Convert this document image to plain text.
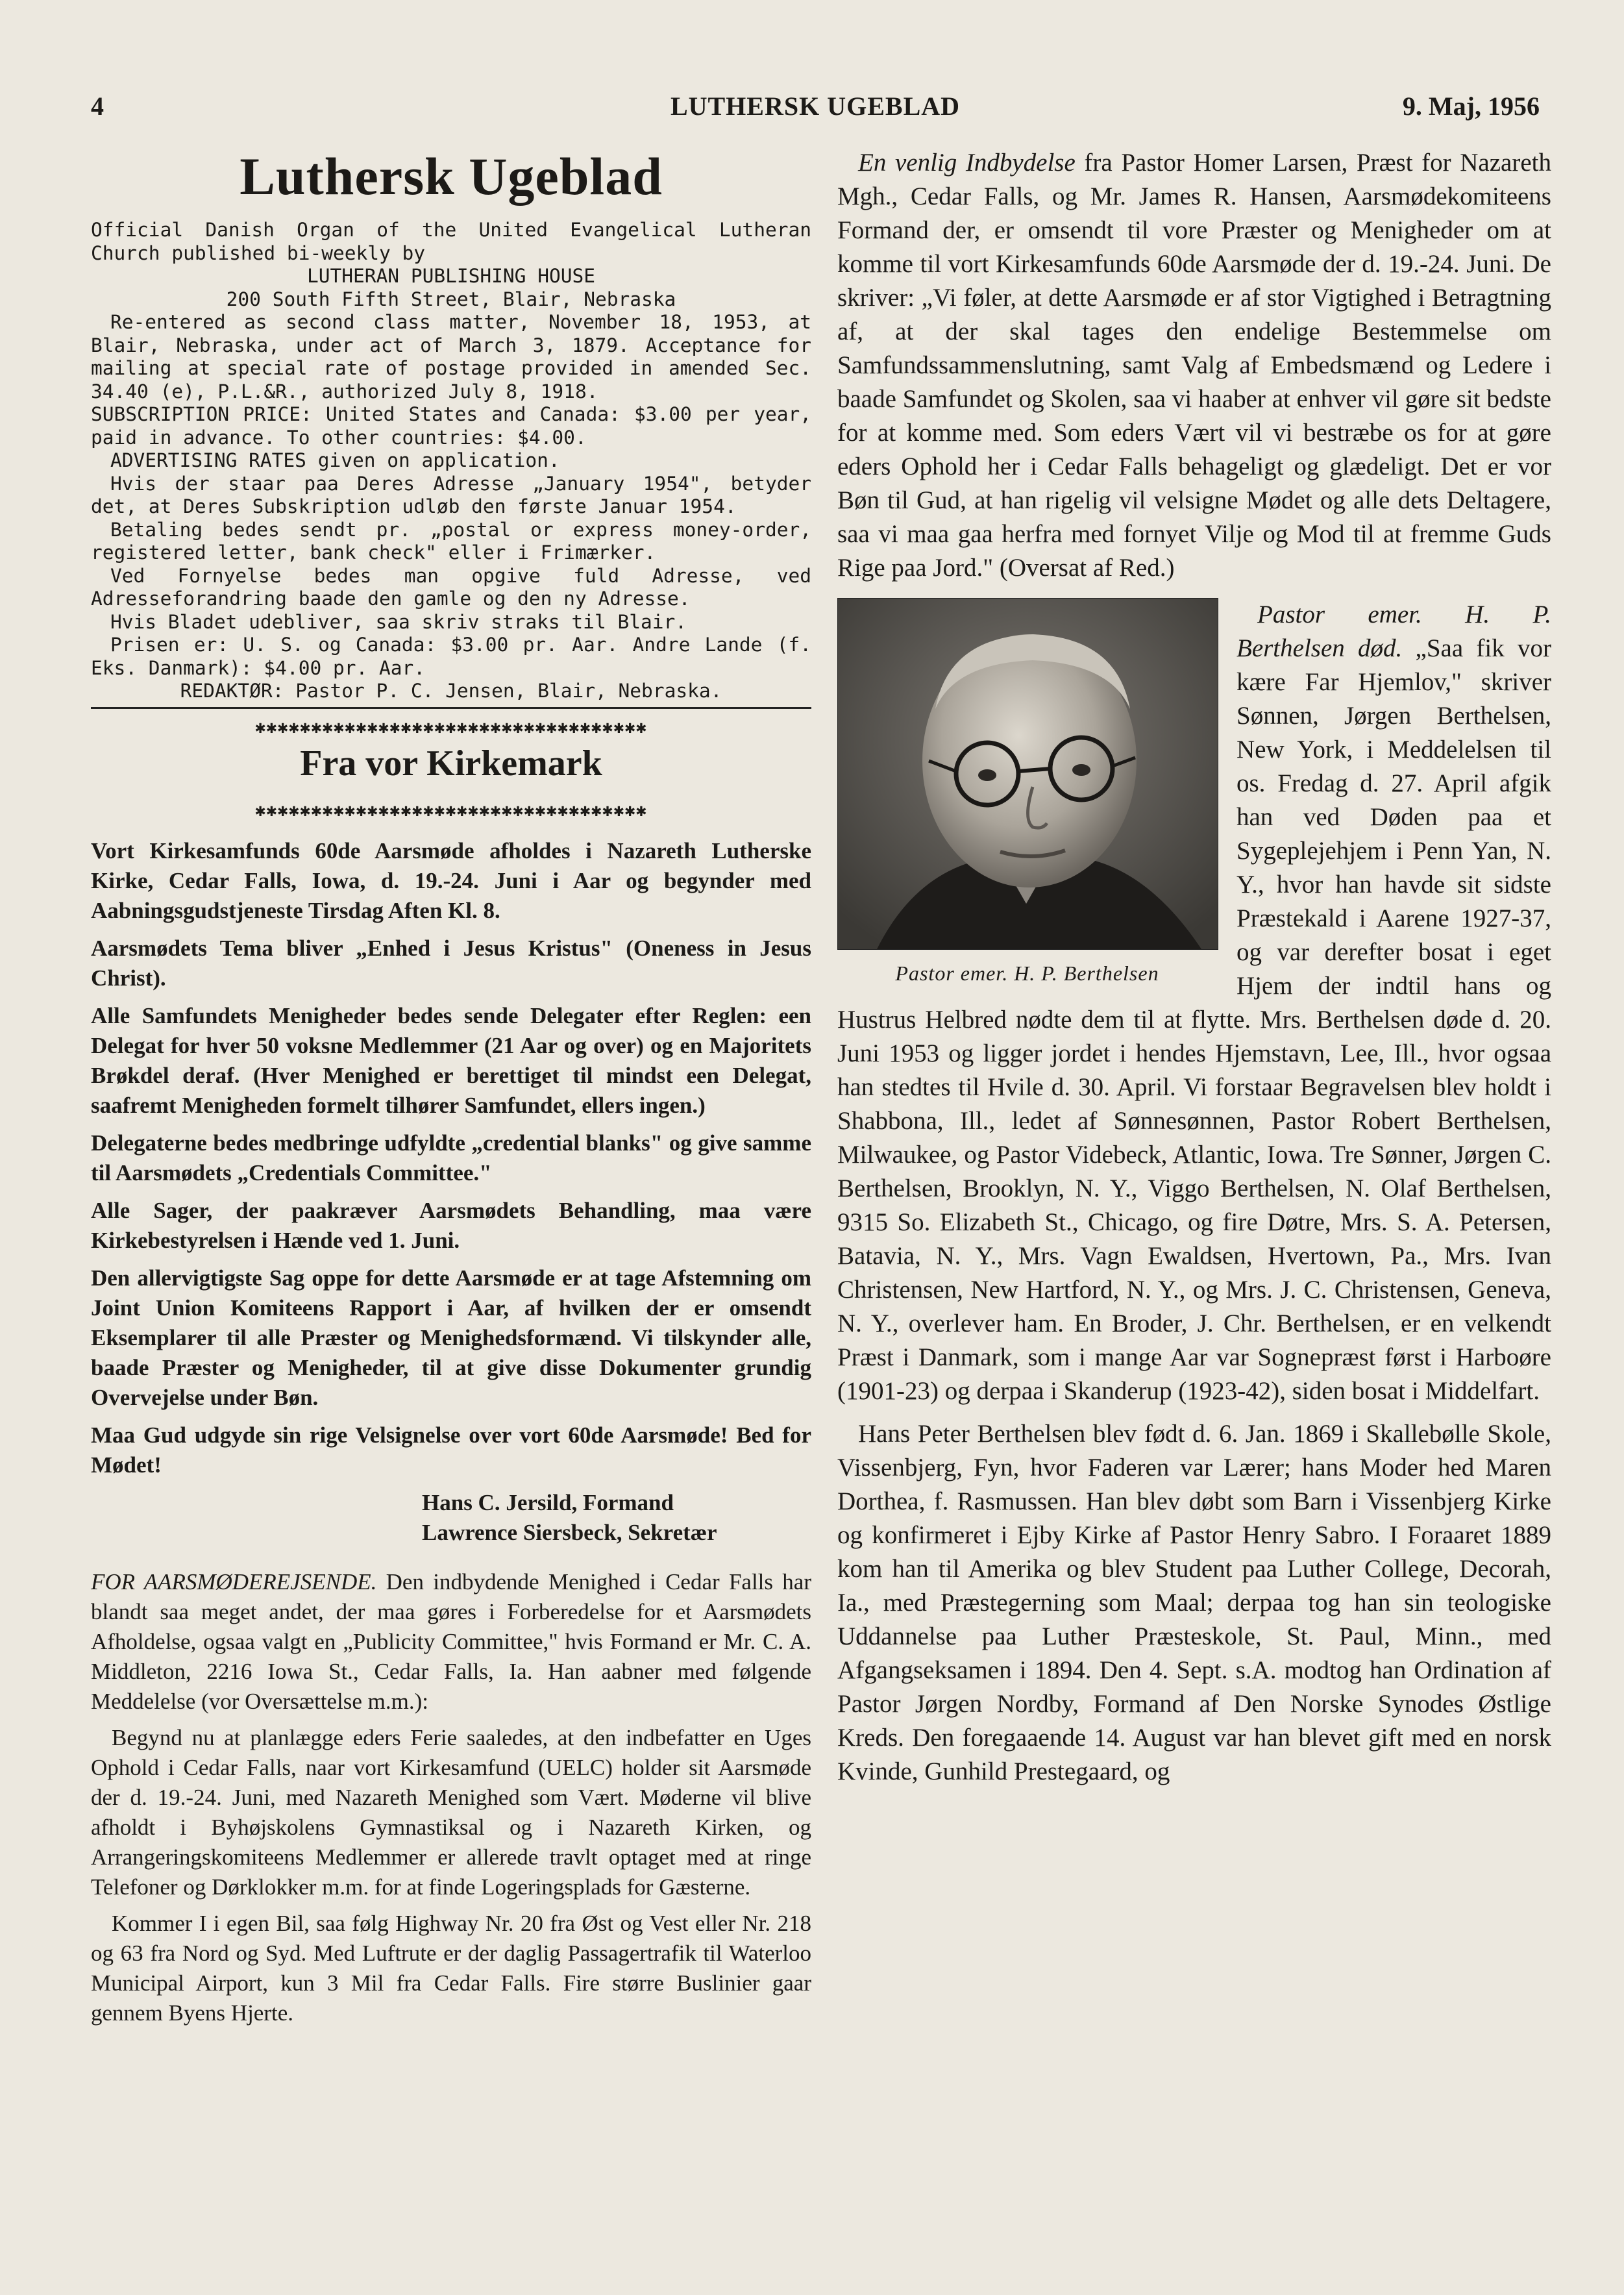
4	LUTHERSK UGEBLAD	9. Maj, 1956
Luthersk Ugeblad

Official Danish Organ of the United Evangelical Lutheran Church published bi-weekly by

LUTHERAN PUBLISHING HOUSE

200 South Fifth Street, Blair, Nebraska

Re-entered as second class matter, November 18, 1953, at Blair, Nebraska, under act of March 3, 1879. Acceptance for mailing at special rate of postage provided in amended Sec. 34.40 (e), P.L.&R., authorized July 8, 1918.

SUBSCRIPTION PRICE: United States and Canada: $3.00 per year, paid in advance. To other countries: $4.00.

ADVERTISING RATES given on application.

Hvis der staar paa Deres Adresse „January 1954", betyder det, at Deres Subskription udløb den første Januar 1954.

Betaling bedes sendt pr. „postal or express money-order, registered letter, bank check" eller i Frimærker.

Ved Fornyelse bedes man opgive fuld Adresse, ved Adresseforandring baade den gamle og den ny Adresse.

Hvis Bladet udebliver, saa skriv straks til Blair.

Prisen er: U. S. og Canada: $3.00 pr. Aar. Andre Lande (f. Eks. Danmark): $4.00 pr. Aar.

REDAKTØR: Pastor P. C. Jensen, Blair, Nebraska.

✱✱✱✱✱✱✱✱✱✱✱✱✱✱✱✱✱✱✱✱✱✱✱✱✱✱✱✱✱✱✱✱✱✱✱
Fra vor Kirkemark
✱✱✱✱✱✱✱✱✱✱✱✱✱✱✱✱✱✱✱✱✱✱✱✱✱✱✱✱✱✱✱✱✱✱✱

Vort Kirkesamfunds 60de Aarsmøde afholdes i Nazareth Lutherske Kirke, Cedar Falls, Iowa, d. 19.-24. Juni i Aar og begynder med Aabningsgudstjeneste Tirsdag Aften Kl. 8.

Aarsmødets Tema bliver „Enhed i Jesus Kristus" (Oneness in Jesus Christ).

Alle Samfundets Menigheder bedes sende Delegater efter Reglen: een Delegat for hver 50 voksne Medlemmer (21 Aar og over) og en Majoritets Brøkdel deraf. (Hver Menighed er berettiget til mindst een Delegat, saafremt Menigheden formelt tilhører Samfundet, ellers ingen.)

Delegaterne bedes medbringe udfyldte „credential blanks" og give samme til Aarsmødets „Credentials Committee."

Alle Sager, der paakræver Aarsmødets Behandling, maa være Kirkebestyrelsen i Hænde ved 1. Juni.

Den allervigtigste Sag oppe for dette Aarsmøde er at tage Afstemning om Joint Union Komiteens Rapport i Aar, af hvilken der er omsendt Eksemplarer til alle Præster og Menighedsformænd. Vi tilskynder alle, baade Præster og Menigheder, til at give disse Dokumenter grundig Overvejelse under Bøn.

Maa Gud udgyde sin rige Velsignelse over vort 60de Aarsmøde! Bed for Mødet!

Hans C. Jersild, Formand
Lawrence Siersbeck, Sekretær

FOR AARSMØDEREJSENDE. Den indbydende Menighed i Cedar Falls har blandt saa meget andet, der maa gøres i Forberedelse for et Aarsmødets Afholdelse, ogsaa valgt en „Publicity Committee," hvis Formand er Mr. C. A. Middleton, 2216 Iowa St., Cedar Falls, Ia. Han aabner med følgende Meddelelse (vor Oversættelse m.m.):

Begynd nu at planlægge eders Ferie saaledes, at den indbefatter en Uges Ophold i Cedar Falls, naar vort Kirkesamfund (UELC) holder sit Aarsmøde der d. 19.-24. Juni, med Nazareth Menighed som Vært. Møderne vil blive afholdt i Byhøjskolens Gymnastiksal og i Nazareth Kirken, og Arrangeringskomiteens Medlemmer er allerede travlt optaget med at ringe Telefoner og Dørklokker m.m. for at finde Logeringsplads for Gæsterne.

Kommer I i egen Bil, saa følg Highway Nr. 20 fra Øst og Vest eller Nr. 218 og 63 fra Nord og Syd. Med Luftrute er der daglig Passagertrafik til Waterloo Municipal Airport, kun 3 Mil fra Cedar Falls. Fire større Buslinier gaar gennem Byens Hjerte.

En venlig Indbydelse fra Pastor Homer Larsen, Præst for Nazareth Mgh., Cedar Falls, og Mr. James R. Hansen, Aarsmødekomiteens Formand der, er omsendt til vore Præster og Menigheder om at komme til vort Kirkesamfunds 60de Aarsmøde der d. 19.-24. Juni. De skriver: „Vi føler, at dette Aarsmøde er af stor Vigtighed i Betragtning af, at der skal tages den endelige Bestemmelse om Samfundssammenslutning, samt Valg af Embedsmænd og Ledere i baade Samfundet og Skolen, saa vi haaber at enhver vil gøre sit bedste for at komme med. Som eders Vært vil vi bestræbe os for at gøre eders Ophold her i Cedar Falls behageligt og glædeligt. Det er vor Bøn til Gud, at han rigelig vil velsigne Mødet og alle dets Deltagere, saa vi maa gaa herfra med fornyet Vilje og Mod til at fremme Guds Rige paa Jord." (Oversat af Red.)

Pastor emer. H. P. Berthelsen

Pastor emer. H. P. Berthelsen død. „Saa fik vor kære Far Hjemlov," skriver Sønnen, Jørgen Berthelsen, New York, i Meddelelsen til os. Fredag d. 27. April afgik han ved Døden paa et Sygeplejehjem i Penn Yan, N. Y., hvor han havde sit sidste Præstekald i Aarene 1927-37, og var derefter bosat i eget Hjem der indtil hans og Hustrus Helbred nødte dem til at flytte. Mrs. Berthelsen døde d. 20. Juni 1953 og ligger jordet i hendes Hjemstavn, Lee, Ill., hvor ogsaa han stedtes til Hvile d. 30. April. Vi forstaar Begravelsen blev holdt i Shabbona, Ill., ledet af Sønnesønnen, Pastor Robert Berthelsen, Milwaukee, og Pastor Videbeck, Atlantic, Iowa. Tre Sønner, Jørgen C. Berthelsen, Brooklyn, N. Y., Viggo Berthelsen, N. Olaf Berthelsen, 9315 So. Elizabeth St., Chicago, og fire Døtre, Mrs. S. A. Petersen, Batavia, N. Y., Mrs. Vagn Ewaldsen, Hvertown, Pa., Mrs. Ivan Christensen, New Hartford, N. Y., og Mrs. J. C. Christensen, Geneva, N. Y., overlever ham. En Broder, J. Chr. Berthelsen, er en velkendt Præst i Danmark, som i mange Aar var Sognepræst først i Harboøre (1901-23) og derpaa i Skanderup (1923-42), siden bosat i Middelfart.

Hans Peter Berthelsen blev født d. 6. Jan. 1869 i Skallebølle Skole, Vissenbjerg, Fyn, hvor Faderen var Lærer; hans Moder hed Maren Dorthea, f. Rasmussen. Han blev døbt som Barn i Vissenbjerg Kirke og konfirmeret i Ejby Kirke af Pastor Henry Sabro. I Foraaret 1889 kom han til Amerika og blev Student paa Luther College, Decorah, Ia., med Præstegerning som Maal; derpaa tog han sin teologiske Uddannelse paa Luther Præsteskole, St. Paul, Minn., med Afgangseksamen i 1894. Den 4. Sept. s.A. modtog han Ordination af Pastor Jørgen Nordby, Formand af Den Norske Synodes Østlige Kreds. Den foregaaende 14. August var han blevet gift med en norsk Kvinde, Gunhild Prestegaard, og
